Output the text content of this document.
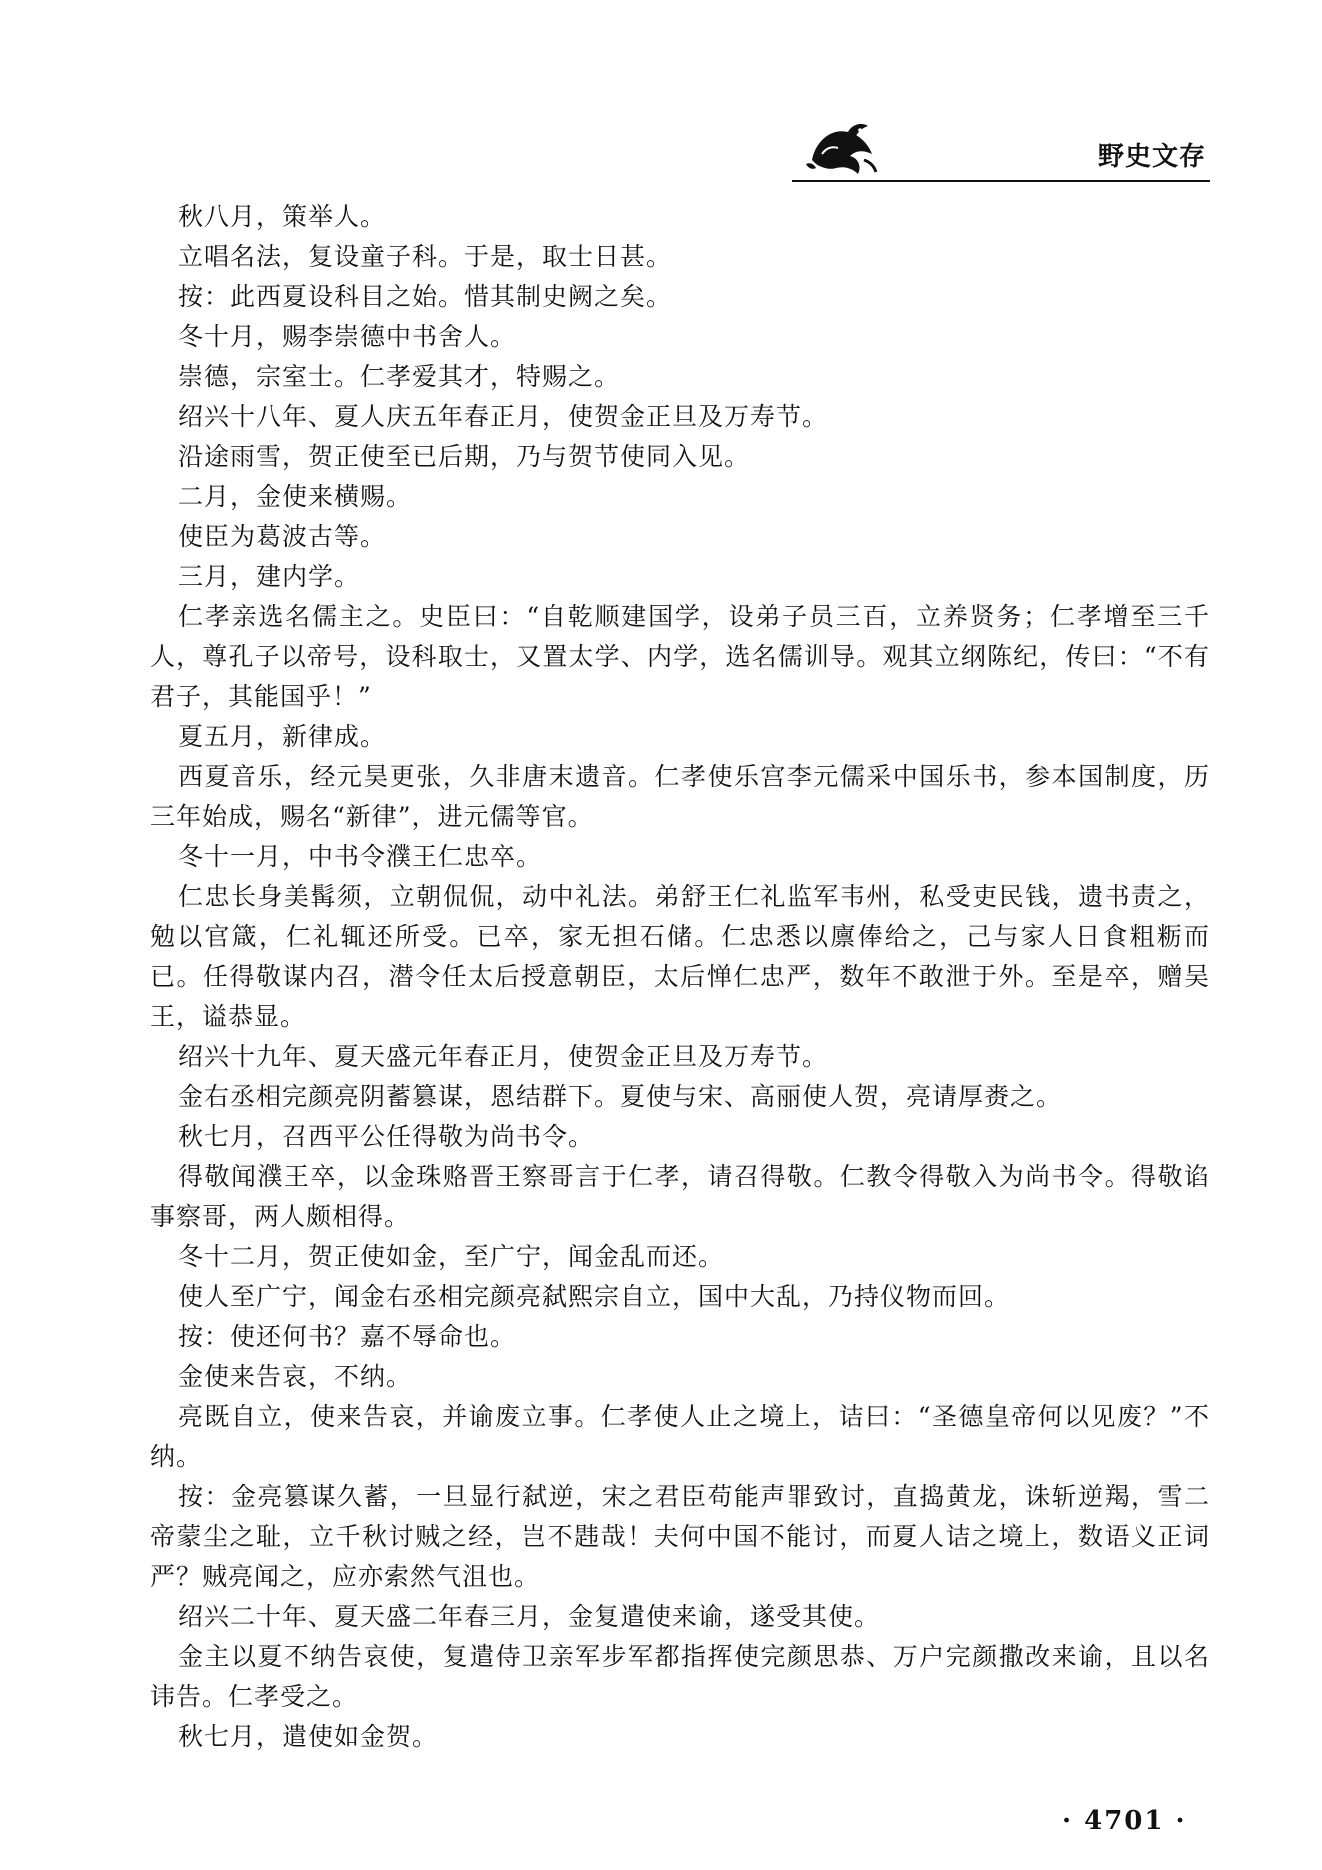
野史文存

秋八月，策举人。

立唱名法，复设童子科。于是，取士日甚。

按：此西夏设科目之始。惜其制史阙之矣。

冬十月，赐李崇德中书舍人。

崇德，宗室士。仁孝爱其才，特赐之。

绍兴十八年、夏人庆五年春正月，使贺金正旦及万寿节。

沿途雨雪，贺正使至已后期，乃与贺节使同入见。

二月，金使来横赐。

使臣为葛波古等。

三月，建内学。

仁孝亲选名儒主之。史臣曰：“自乾顺建国学，设弟子员三百，立养贤务；仁孝增至三千人，尊孔子以帝号，设科取士，又置太学、内学，选名儒训导。观其立纲陈纪，传曰：“不有君子，其能国乎！”

夏五月，新律成。

西夏音乐，经元昊更张，久非唐末遗音。仁孝使乐宫李元儒采中国乐书，参本国制度，历三年始成，赐名“新律”，进元儒等官。

冬十一月，中书令濮王仁忠卒。

仁忠长身美髯须，立朝侃侃，动中礼法。弟舒王仁礼监军韦州，私受吏民钱，遗书责之，勉以官箴，仁礼辄还所受。已卒，家无担石储。仁忠悉以廪俸给之，己与家人日食粗粝而已。任得敬谋内召，潜令任太后授意朝臣，太后惮仁忠严，数年不敢泄于外。至是卒，赠吴王，谥恭显。

绍兴十九年、夏天盛元年春正月，使贺金正旦及万寿节。

金右丞相完颜亮阴蓄篡谋，恩结群下。夏使与宋、高丽使人贺，亮请厚赉之。

秋七月，召西平公任得敬为尚书令。

得敬闻濮王卒，以金珠赂晋王察哥言于仁孝，请召得敬。仁教令得敬入为尚书令。得敬谄事察哥，两人颇相得。

冬十二月，贺正使如金，至广宁，闻金乱而还。

使人至广宁，闻金右丞相完颜亮弑熙宗自立，国中大乱，乃持仪物而回。

按：使还何书？嘉不辱命也。

金使来告哀，不纳。

亮既自立，使来告哀，并谕废立事。仁孝使人止之境上，诘曰：“圣德皇帝何以见废？”不纳。

按：金亮篡谋久蓄，一旦显行弑逆，宋之君臣苟能声罪致讨，直捣黄龙，诛斩逆羯，雪二帝蒙尘之耻，立千秋讨贼之经，岂不韪哉！夫何中国不能讨，而夏人诘之境上，数语义正词严？贼亮闻之，应亦索然气沮也。

绍兴二十年、夏天盛二年春三月，金复遣使来谕，遂受其使。

金主以夏不纳告哀使，复遣侍卫亲军步军都指挥使完颜思恭、万户完颜撒改来谕，且以名讳告。仁孝受之。

秋七月，遣使如金贺。

· 4701 ·
